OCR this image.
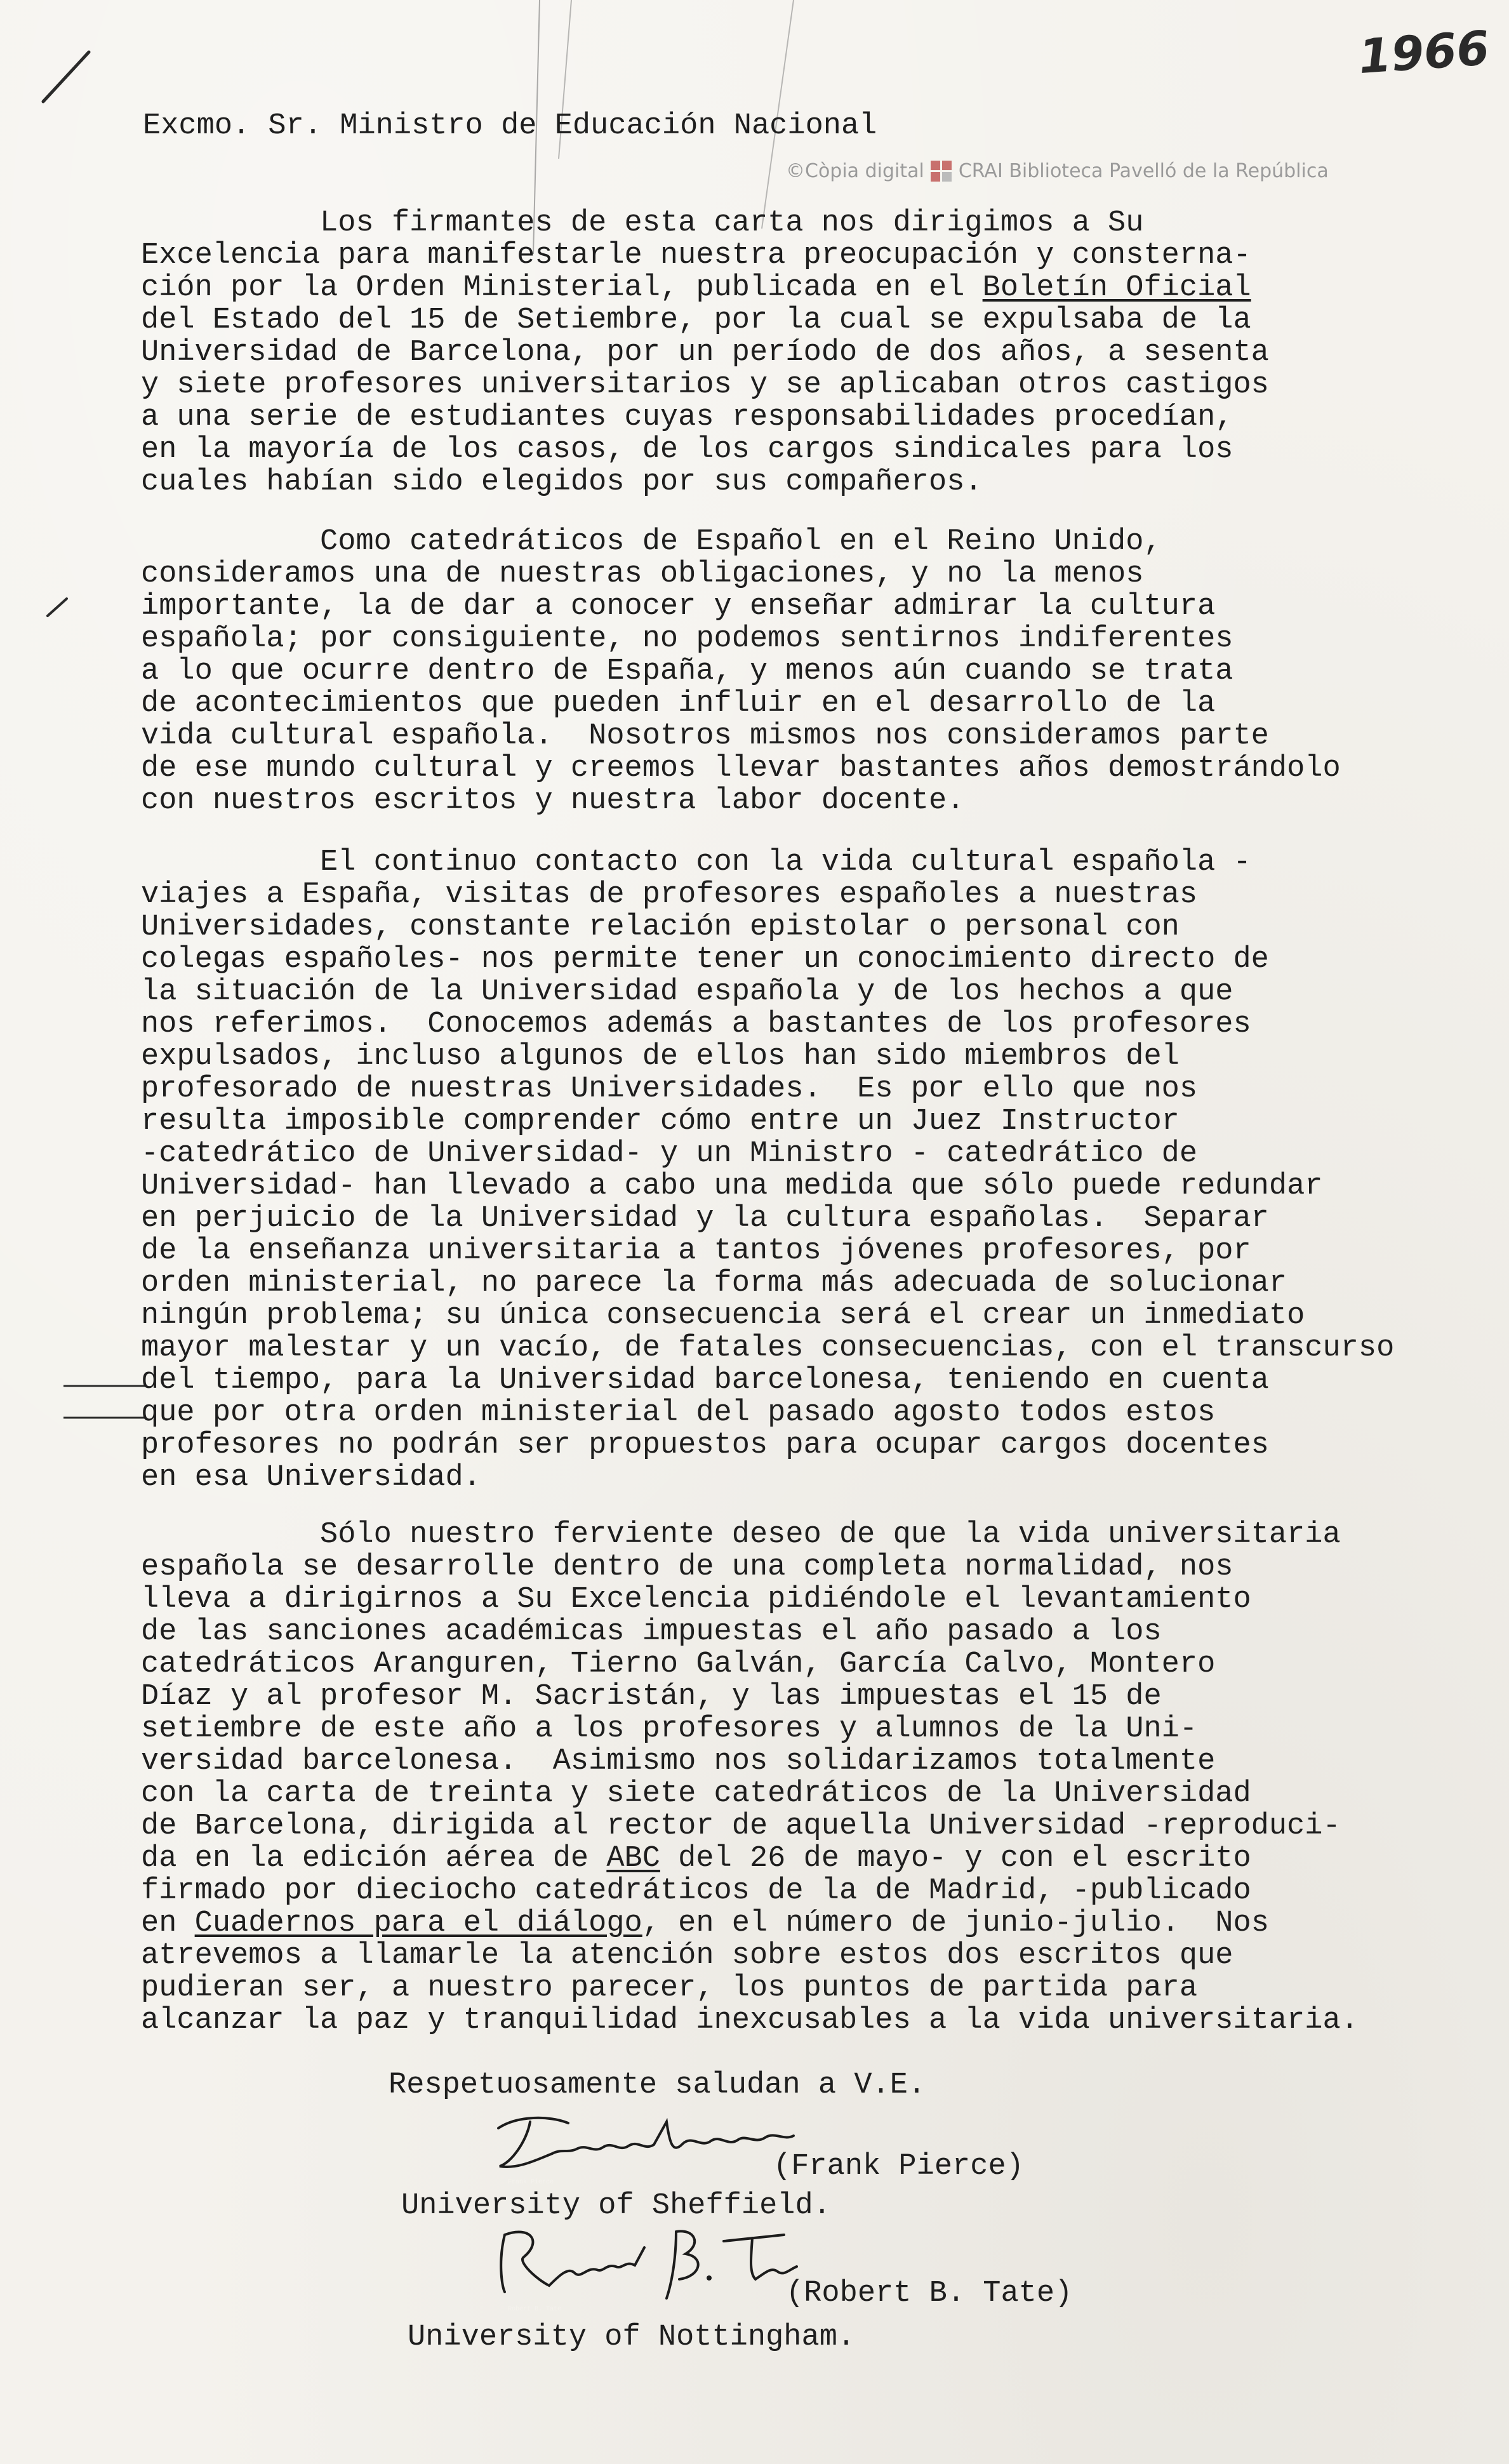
1966
©Còpia digital CRAI Biblioteca Pavelló de la República
Excmo. Sr. Ministro de Educación Nacional
Los firmantes de esta carta nos dirigimos a Su
Excelencia para manifestarle nuestra preocupación y consterna-
ción por la Orden Ministerial, publicada en el Boletín Oficial
del Estado del 15 de Setiembre, por la cual se expulsaba de la
Universidad de Barcelona, por un período de dos años, a sesenta
y siete profesores universitarios y se aplicaban otros castigos
a una serie de estudiantes cuyas responsabilidades procedían,
en la mayoría de los casos, de los cargos sindicales para los
cuales habían sido elegidos por sus compañeros.
Como catedráticos de Español en el Reino Unido,
consideramos una de nuestras obligaciones, y no la menos
importante, la de dar a conocer y enseñar admirar la cultura
española; por consiguiente, no podemos sentirnos indiferentes
a lo que ocurre dentro de España, y menos aún cuando se trata
de acontecimientos que pueden influir en el desarrollo de la
vida cultural española.  Nosotros mismos nos consideramos parte
de ese mundo cultural y creemos llevar bastantes años demostrándolo
con nuestros escritos y nuestra labor docente.
El continuo contacto con la vida cultural española -
viajes a España, visitas de profesores españoles a nuestras
Universidades, constante relación epistolar o personal con
colegas españoles- nos permite tener un conocimiento directo de
la situación de la Universidad española y de los hechos a que
nos referimos.  Conocemos además a bastantes de los profesores
expulsados, incluso algunos de ellos han sido miembros del
profesorado de nuestras Universidades.  Es por ello que nos
resulta imposible comprender cómo entre un Juez Instructor
-catedrático de Universidad- y un Ministro - catedrático de
Universidad- han llevado a cabo una medida que sólo puede redundar
en perjuicio de la Universidad y la cultura españolas.  Separar
de la enseñanza universitaria a tantos jóvenes profesores, por
orden ministerial, no parece la forma más adecuada de solucionar
ningún problema; su única consecuencia será el crear un inmediato
mayor malestar y un vacío, de fatales consecuencias, con el transcurso
del tiempo, para la Universidad barcelonesa, teniendo en cuenta
que por otra orden ministerial del pasado agosto todos estos
profesores no podrán ser propuestos para ocupar cargos docentes
en esa Universidad.
Sólo nuestro ferviente deseo de que la vida universitaria
española se desarrolle dentro de una completa normalidad, nos
lleva a dirigirnos a Su Excelencia pidiéndole el levantamiento
de las sanciones académicas impuestas el año pasado a los
catedráticos Aranguren, Tierno Galván, García Calvo, Montero
Díaz y al profesor M. Sacristán, y las impuestas el 15 de
setiembre de este año a los profesores y alumnos de la Uni-
versidad barcelonesa.  Asimismo nos solidarizamos totalmente
con la carta de treinta y siete catedráticos de la Universidad
de Barcelona, dirigida al rector de aquella Universidad -reproduci-
da en la edición aérea de ABC del 26 de mayo- y con el escrito
firmado por dieciocho catedráticos de la de Madrid, -publicado
en Cuadernos para el diálogo, en el número de junio-julio.  Nos
atrevemos a llamarle la atención sobre estos dos escritos que
pudieran ser, a nuestro parecer, los puntos de partida para
alcanzar la paz y tranquilidad inexcusables a la vida universitaria.
Respetuosamente saludan a V.E.
(Frank Pierce)
University of Sheffield.
(Robert B. Tate)
University of Nottingham.
Frank Pierce
Robert B. Tate
